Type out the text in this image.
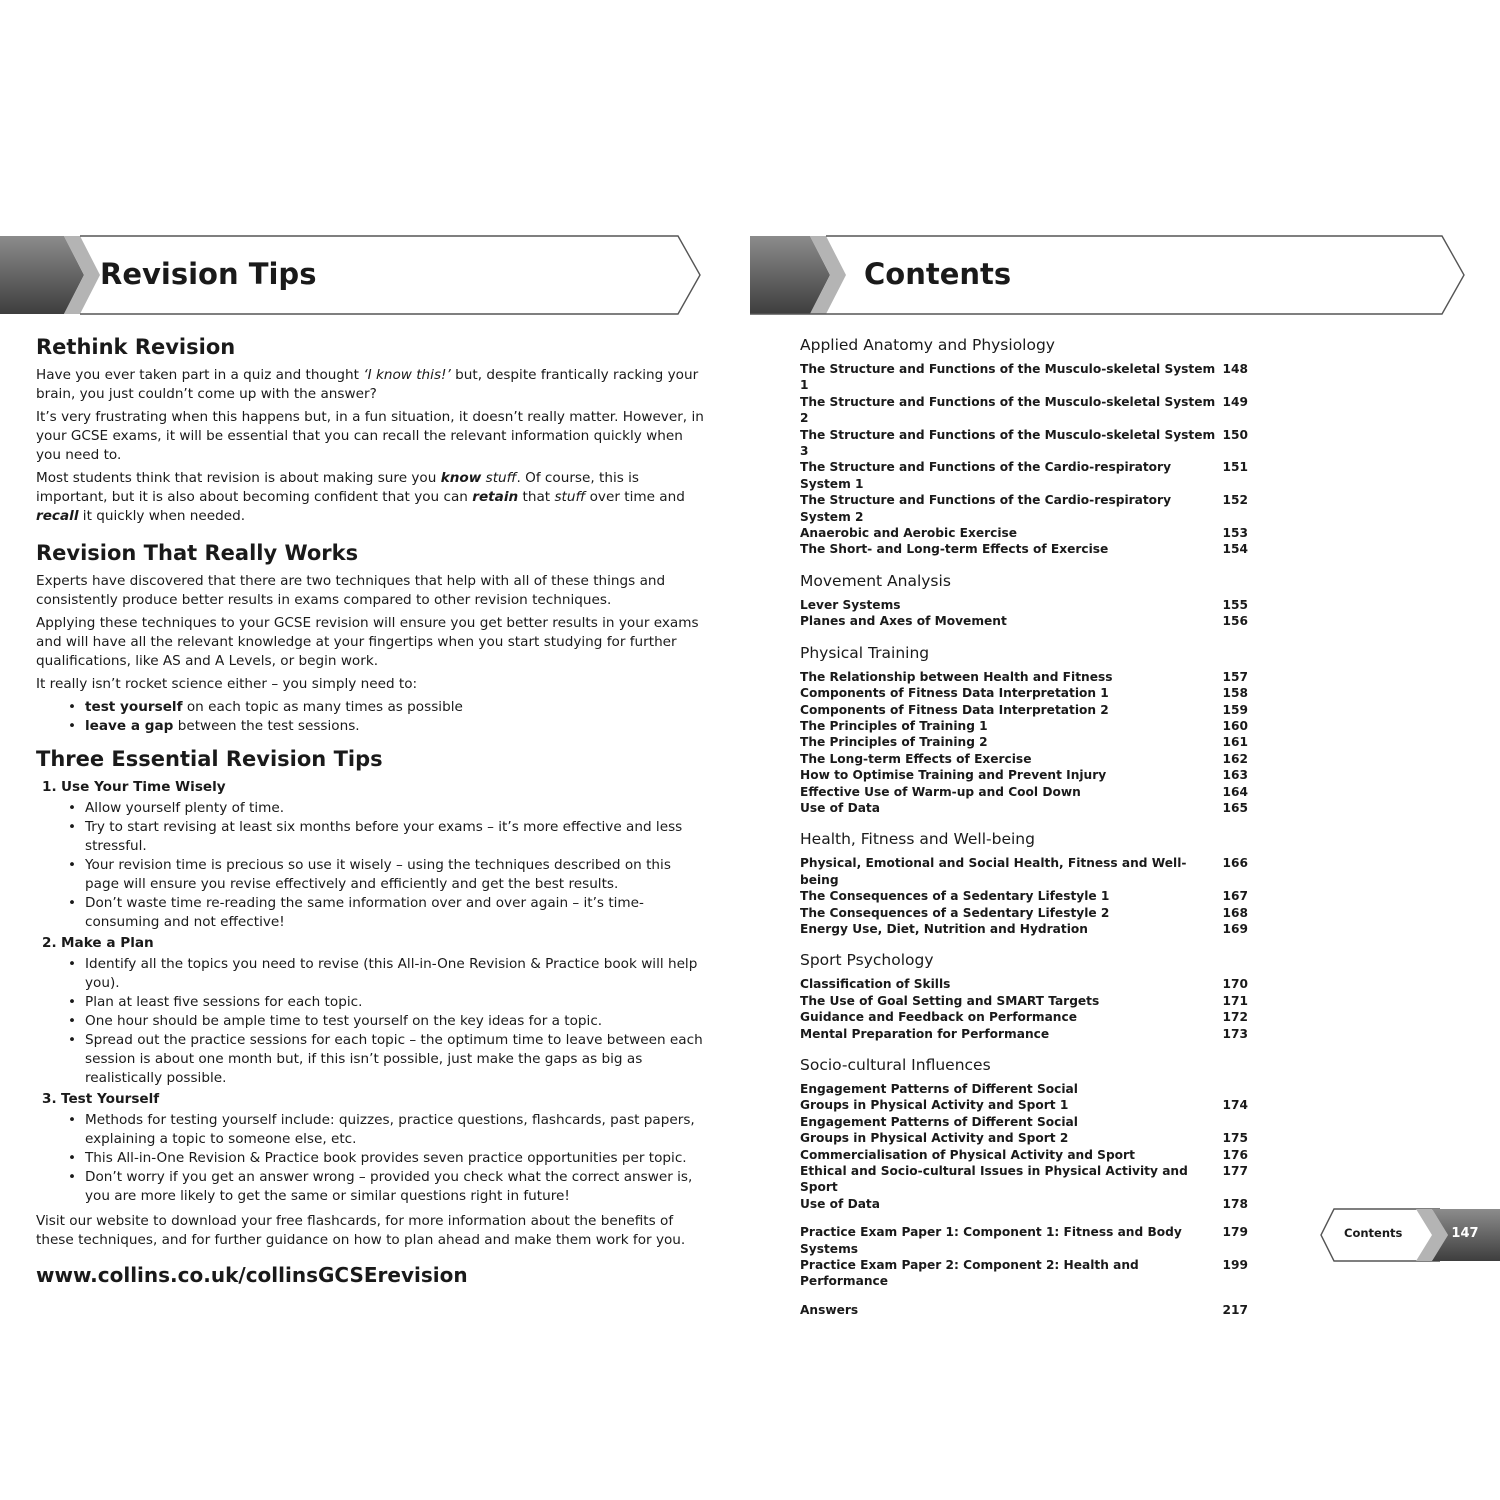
Revision Tips	Contents
Rethink Revision

Have you ever taken part in a quiz and thought ‘I know this!’ but, despite frantically racking your brain, you just couldn’t come up with the answer?

It’s very frustrating when this happens but, in a fun situation, it doesn’t really matter. However, in your GCSE exams, it will be essential that you can recall the relevant information quickly when you need to.

Most students think that revision is about making sure you know stuff. Of course, this is important, but it is also about becoming confident that you can retain that stuff over time and recall it quickly when needed.

Revision That Really Works

Experts have discovered that there are two techniques that help with all of these things and consistently produce better results in exams compared to other revision techniques.

Applying these techniques to your GCSE revision will ensure you get better results in your exams and will have all the relevant knowledge at your fingertips when you start studying for further qualifications, like AS and A Levels, or begin work.

It really isn’t rocket science either – you simply need to:

• test yourself on each topic as many times as possible
• leave a gap between the test sessions.
Three Essential Revision Tips
1. Use Your Time Wisely
• Allow yourself plenty of time.
• Try to start revising at least six months before your exams – it’s more effective and less stressful.
• Your revision time is precious so use it wisely – using the techniques described on this page will ensure you revise effectively and efficiently and get the best results.
• Don’t waste time re-reading the same information over and over again – it’s time-consuming and not effective!
2. Make a Plan
• Identify all the topics you need to revise (this All-in-One Revision & Practice book will help you).
• Plan at least five sessions for each topic.
• One hour should be ample time to test yourself on the key ideas for a topic.
• Spread out the practice sessions for each topic – the optimum time to leave between each session is about one month but, if this isn’t possible, just make the gaps as big as realistically possible.
3. Test Yourself
• Methods for testing yourself include: quizzes, practice questions, flashcards, past papers, explaining a topic to someone else, etc.
• This All-in-One Revision & Practice book provides seven practice opportunities per topic.
• Don’t worry if you get an answer wrong – provided you check what the correct answer is, you are more likely to get the same or similar questions right in future!

Visit our website to download your free flashcards, for more information about the benefits of these techniques, and for further guidance on how to plan ahead and make them work for you.

www.collins.co.uk/collinsGCSErevision
Applied Anatomy and Physiology
The Structure and Functions of the Musculo-skeletal System 1
148
The Structure and Functions of the Musculo-skeletal System 2
149
The Structure and Functions of the Musculo-skeletal System 3
150
The Structure and Functions of the Cardio-respiratory System 1
151
The Structure and Functions of the Cardio-respiratory System 2
152
Anaerobic and Aerobic Exercise	153
The Short- and Long-term Effects of Exercise	154
Movement Analysis
Lever Systems	155
Planes and Axes of Movement	156
Physical Training
The Relationship between Health and Fitness	157
Components of Fitness Data Interpretation 1	158
Components of Fitness Data Interpretation 2	159
The Principles of Training 1	160
The Principles of Training 2	161
The Long-term Effects of Exercise	162
How to Optimise Training and Prevent Injury	163
Effective Use of Warm-up and Cool Down	164
Use of Data	165
Health, Fitness and Well-being
Physical, Emotional and Social Health, Fitness and Well-being
166
The Consequences of a Sedentary Lifestyle 1	167
The Consequences of a Sedentary Lifestyle 2	168
Energy Use, Diet, Nutrition and Hydration	169
Sport Psychology
Classification of Skills	170
The Use of Goal Setting and SMART Targets	171
Guidance and Feedback on Performance	172
Mental Preparation for Performance	173
Socio-cultural Influences
Engagement Patterns of Different Social
Groups in Physical Activity and Sport 1	174
Engagement Patterns of Different Social
Groups in Physical Activity and Sport 2	175
Commercialisation of Physical Activity and Sport	176
Ethical and Socio-cultural Issues in Physical Activity and Sport
177
Use of Data	178
Practice Exam Paper 1: Component 1: Fitness and Body Systems
179
Practice Exam Paper 2: Component 2: Health and Performance
199
Answers	217
Contents	147
